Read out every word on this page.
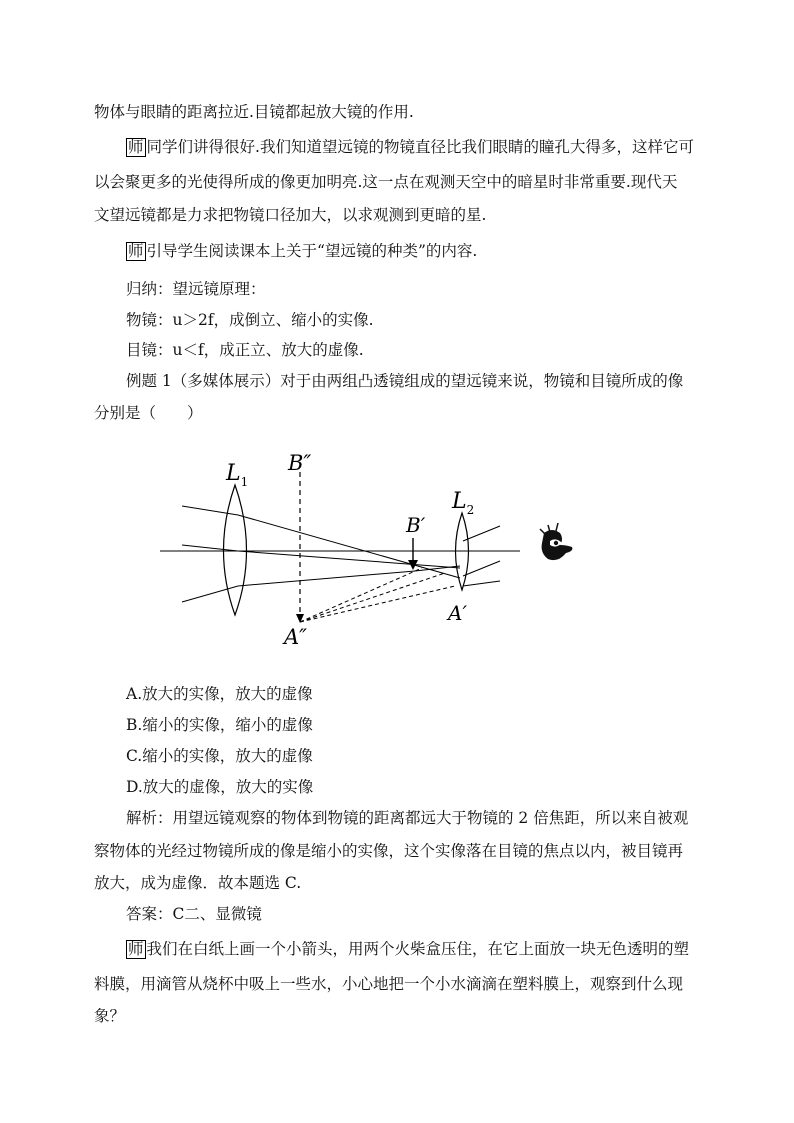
物体与眼睛的距离拉近.目镜都起放大镜的作用.
师 同学们讲得很好.我们知道望远镜的物镜直径比我们眼睛的瞳孔大得多，这样它可
以会聚更多的光使得所成的像更加明亮.这一点在观测天空中的暗星时非常重要.现代天
文望远镜都是力求把物镜口径加大，以求观测到更暗的星.
师 引导学生阅读课本上关于“望远镜的种类”的内容.
归纳：望远镜原理：
物镜：u＞2f，成倒立、缩小的实像.
目镜：u＜f，成正立、放大的虚像.
例题 1（多媒体展示）对于由两组凸透镜组成的望远镜来说，物镜和目镜所成的像
分别是（　　）
$L_1$
B″
$L_2$
B′
A′
A″
A.放大的实像，放大的虚像
B.缩小的实像，缩小的虚像
C.缩小的实像，放大的虚像
D.放大的虚像，放大的实像
解析：用望远镜观察的物体到物镜的距离都远大于物镜的 2 倍焦距，所以来自被观
察物体的光经过物镜所成的像是缩小的实像，这个实像落在目镜的焦点以内，被目镜再
放大，成为虚像．故本题选 C.
答案：C二、显微镜
师 我们在白纸上画一个小箭头，用两个火柴盒压住，在它上面放一块无色透明的塑
料膜，用滴管从烧杯中吸上一些水，小心地把一个小水滴滴在塑料膜上，观察到什么现
象？
